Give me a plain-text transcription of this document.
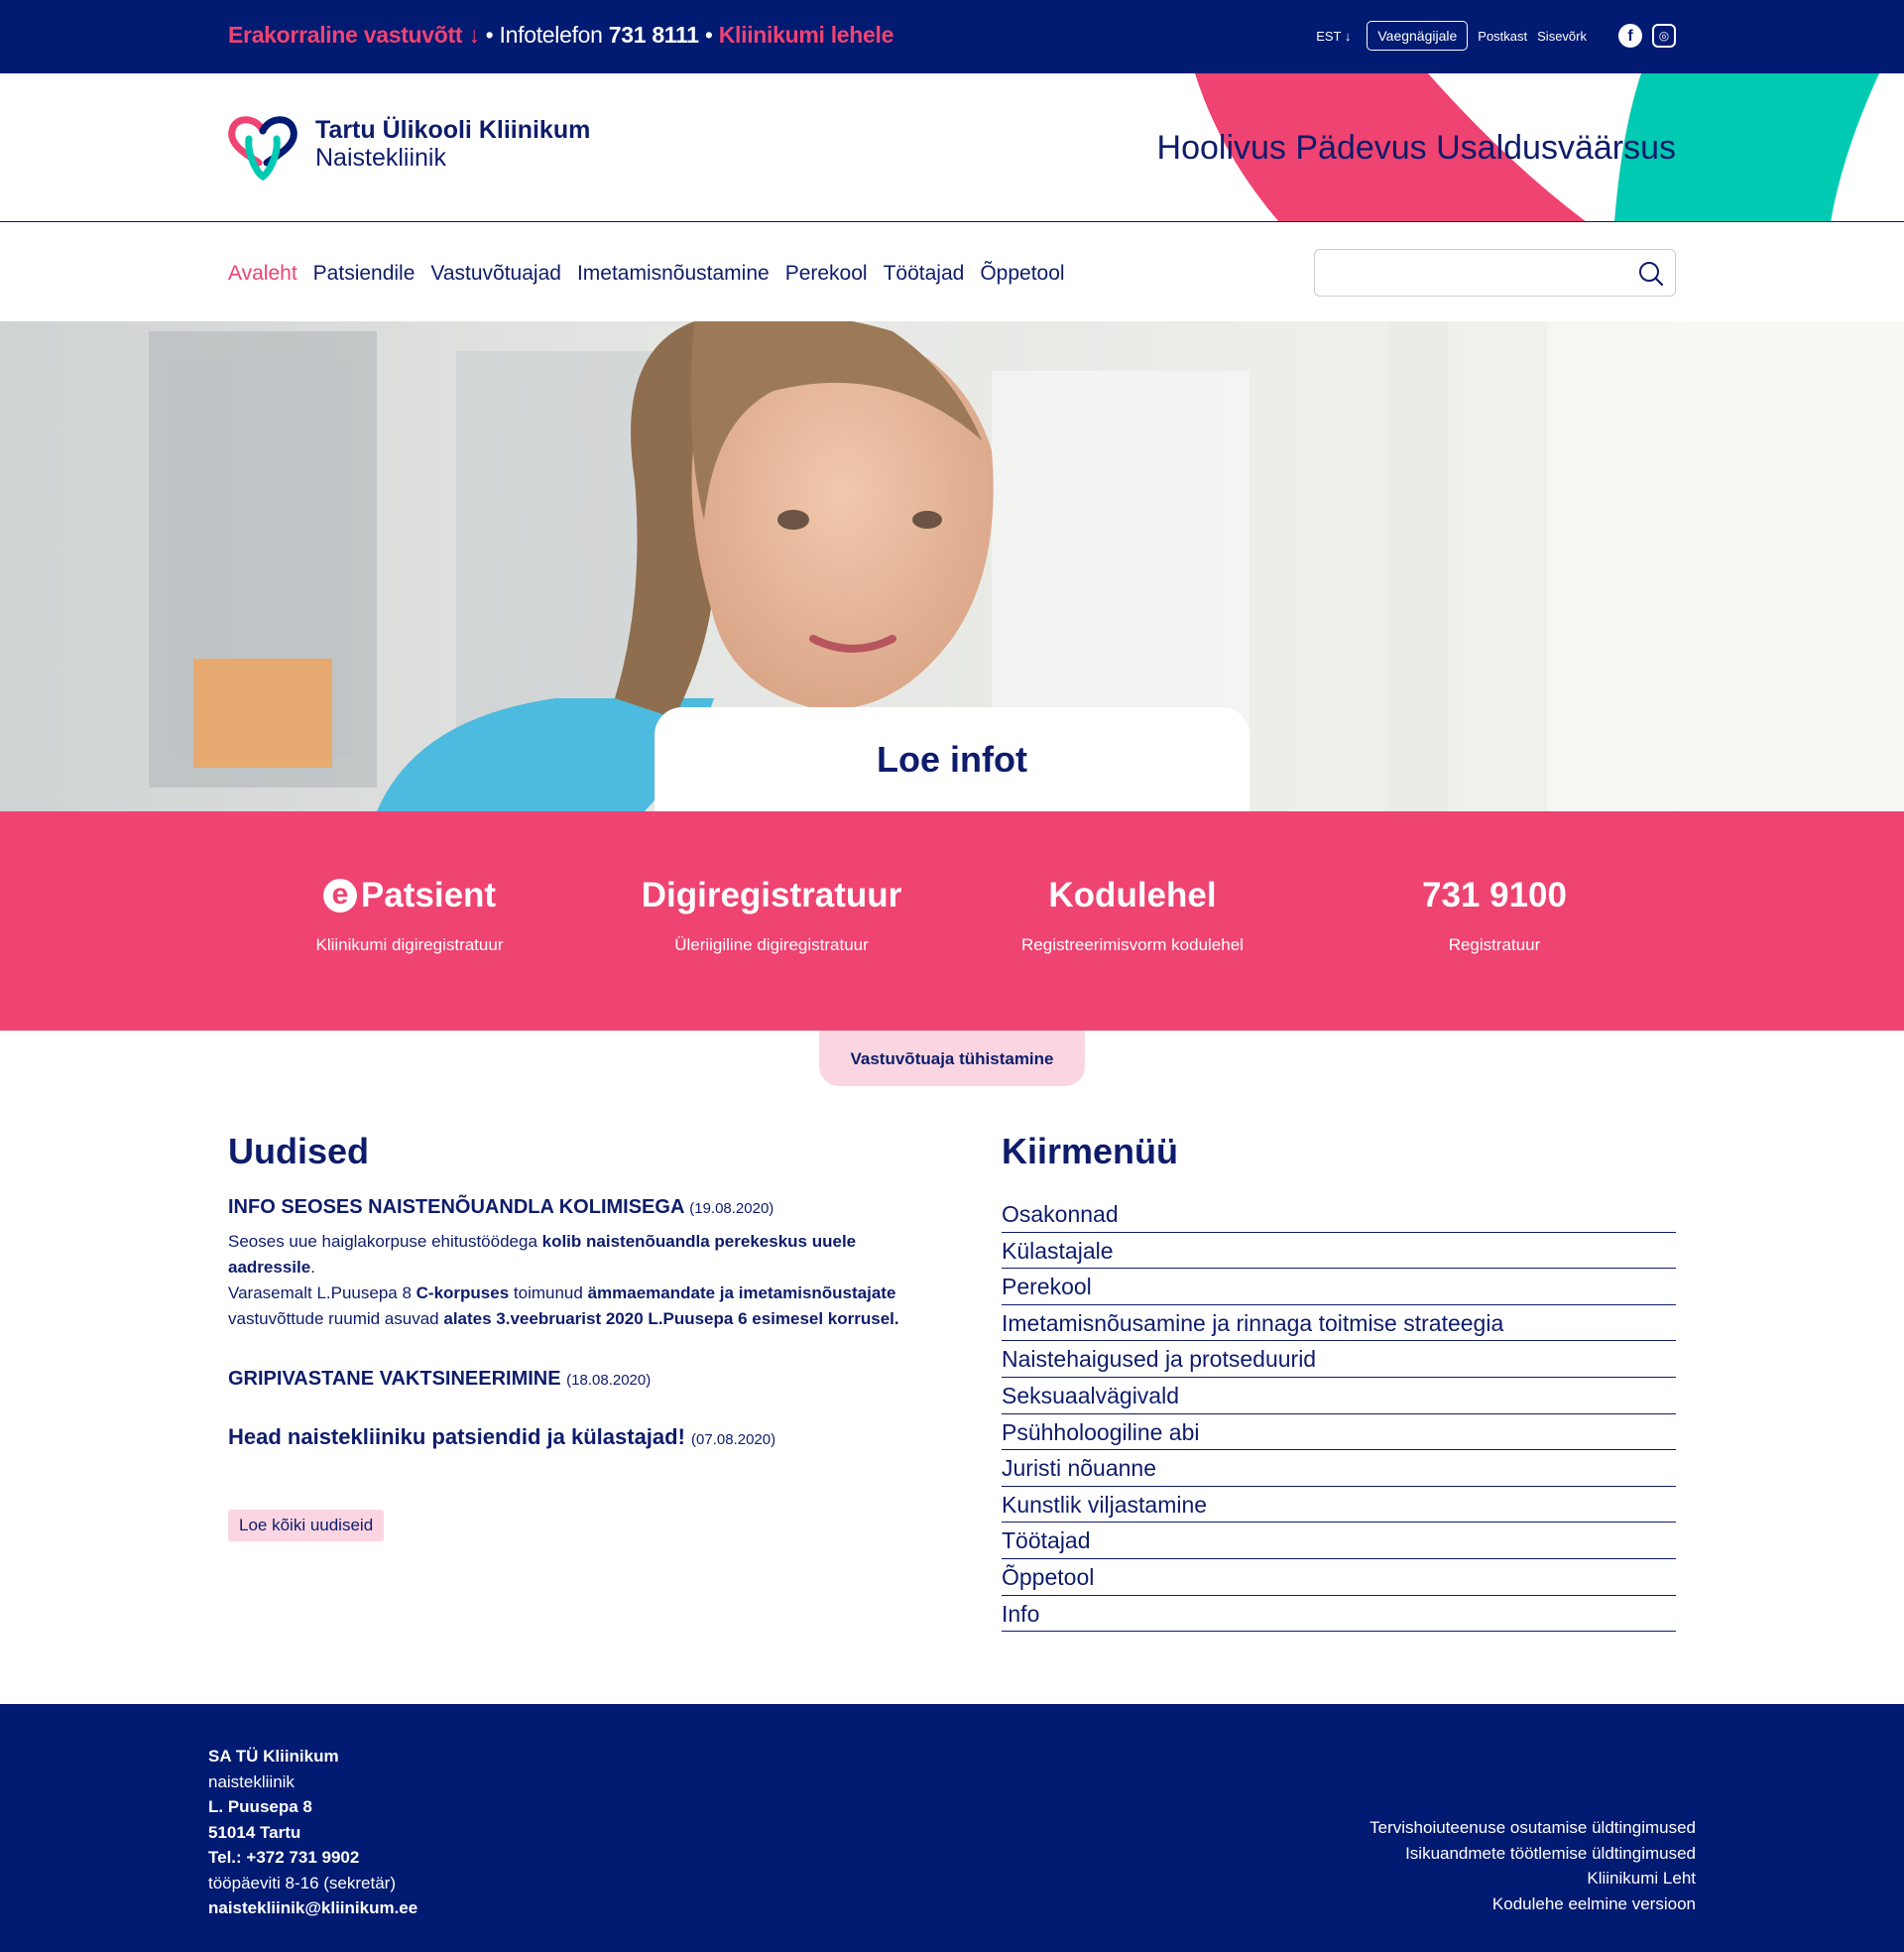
Erakorraline vastuvõtt ↓ • Infotelefon 731 8111 • Kliinikumi lehele	EST ↓	Vaegnägijale	Postkast Sisevõrk	f	◎
Tartu Ülikooli Kliinikum
Naistekliinik	Hoolivus Pädevus Usaldusväärsus
Avaleht Patsiendile Vastuvõtuajad Imetamisnõustamine Perekool Töötajad Õppetool
Loe infot
e Patsient
Kliinikumi digiregistratuur
Digiregistratuur
Üleriigiline digiregistratuur
Kodulehel
Registreerimisvorm kodulehel
731 9100
Registratuur
Vastuvõtuaja tühistamine
Uudised
INFO SEOSES NAISTENÕUANDLA KOLIMISEGA (19.08.2020)

Seoses uue haiglakorpuse ehitustöödega kolib naistenõuandla perekeskus uuele aadressile.
Varasemalt L.Puusepa 8 C-korpuses toimunud ämmaemandate ja imetamisnõustajate vastuvõttude ruumid asuvad alates 3.veebruarist 2020 L.Puusepa 6 esimesel korrusel.

GRIPIVASTANE VAKTSINEERIMINE (18.08.2020)
Head naistekliiniku patsiendid ja külastajad! (07.08.2020)
Loe kõiki uudiseid
Kiirmenüü
Osakonnad
Külastajale
Perekool
Imetamisnõusamine ja rinnaga toitmise strateegia
Naistehaigused ja protseduurid
Seksuaalvägivald
Psühholoogiline abi
Juristi nõuanne
Kunstlik viljastamine
Töötajad
Õppetool
Info
SA TÜ Kliinikum
naistekliinik
L. Puusepa 8
51014 Tartu
Tel.: +372 731 9902
tööpäeviti 8-16 (sekretär)
naistekliinik@kliinikum.ee
Tervishoiuteenuse osutamise üldtingimused
Isikuandmete töötlemise üldtingimused
Kliinikumi Leht
Kodulehe eelmine versioon
